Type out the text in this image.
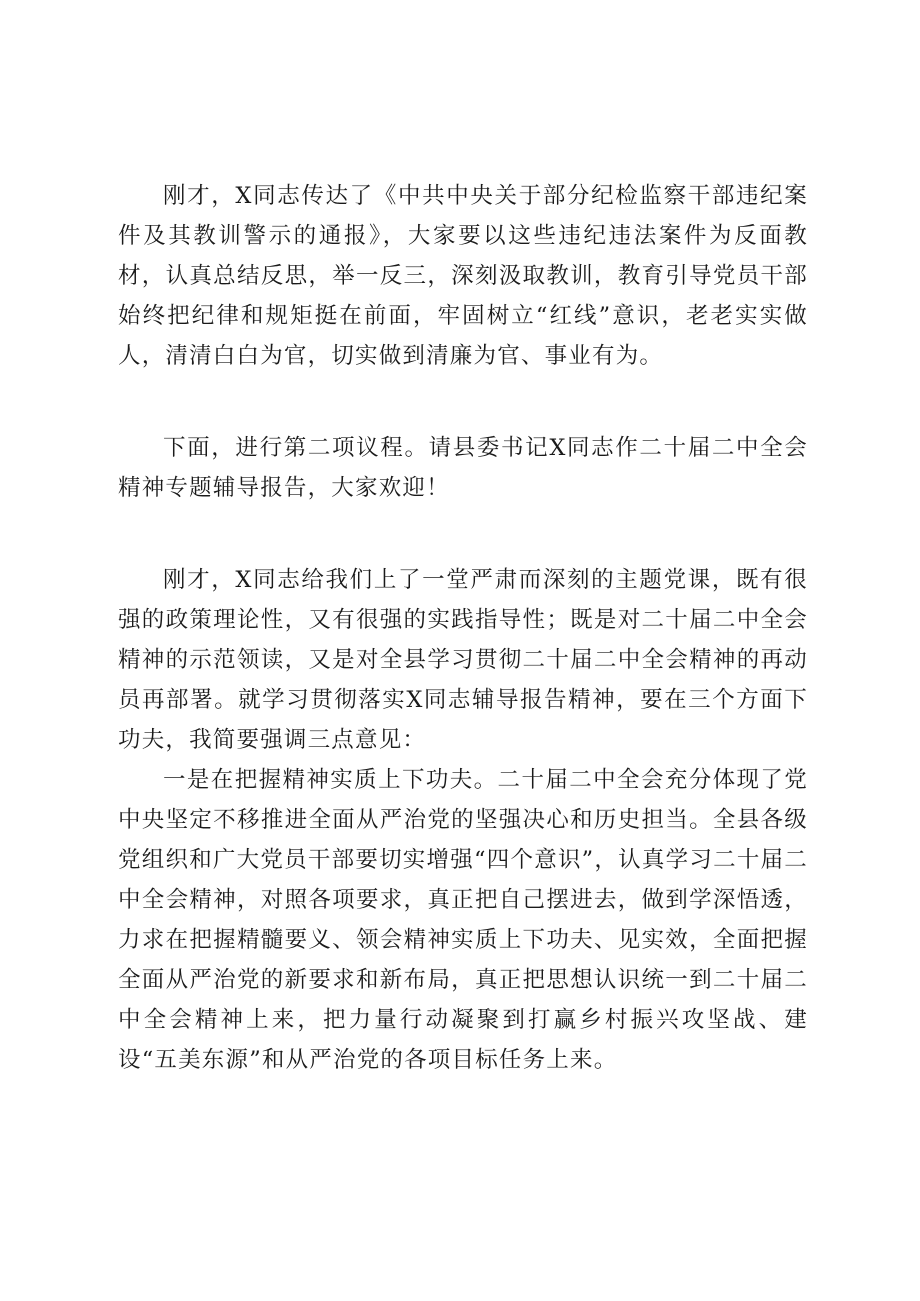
刚才，X同志传达了《中共中央关于部分纪检监察干部违纪案件及其教训警示的通报》，大家要以这些违纪违法案件为反面教材，认真总结反思，举一反三，深刻汲取教训，教育引导党员干部始终把纪律和规矩挺在前面，牢固树立“红线”意识，老老实实做人，清清白白为官，切实做到清廉为官、事业有为。

下面，进行第二项议程。请县委书记X同志作二十届二中全会精神专题辅导报告，大家欢迎！

刚才，X同志给我们上了一堂严肃而深刻的主题党课，既有很强的政策理论性，又有很强的实践指导性；既是对二十届二中全会精神的示范领读，又是对全县学习贯彻二十届二中全会精神的再动员再部署。就学习贯彻落实X同志辅导报告精神，要在三个方面下功夫，我简要强调三点意见：

一是在把握精神实质上下功夫。二十届二中全会充分体现了党中央坚定不移推进全面从严治党的坚强决心和历史担当。全县各级党组织和广大党员干部要切实增强“四个意识”，认真学习二十届二中全会精神，对照各项要求，真正把自己摆进去，做到学深悟透，力求在把握精髓要义、领会精神实质上下功夫、见实效，全面把握全面从严治党的新要求和新布局，真正把思想认识统一到二十届二中全会精神上来，把力量行动凝聚到打赢乡村振兴攻坚战、建设“五美东源”和从严治党的各项目标任务上来。
